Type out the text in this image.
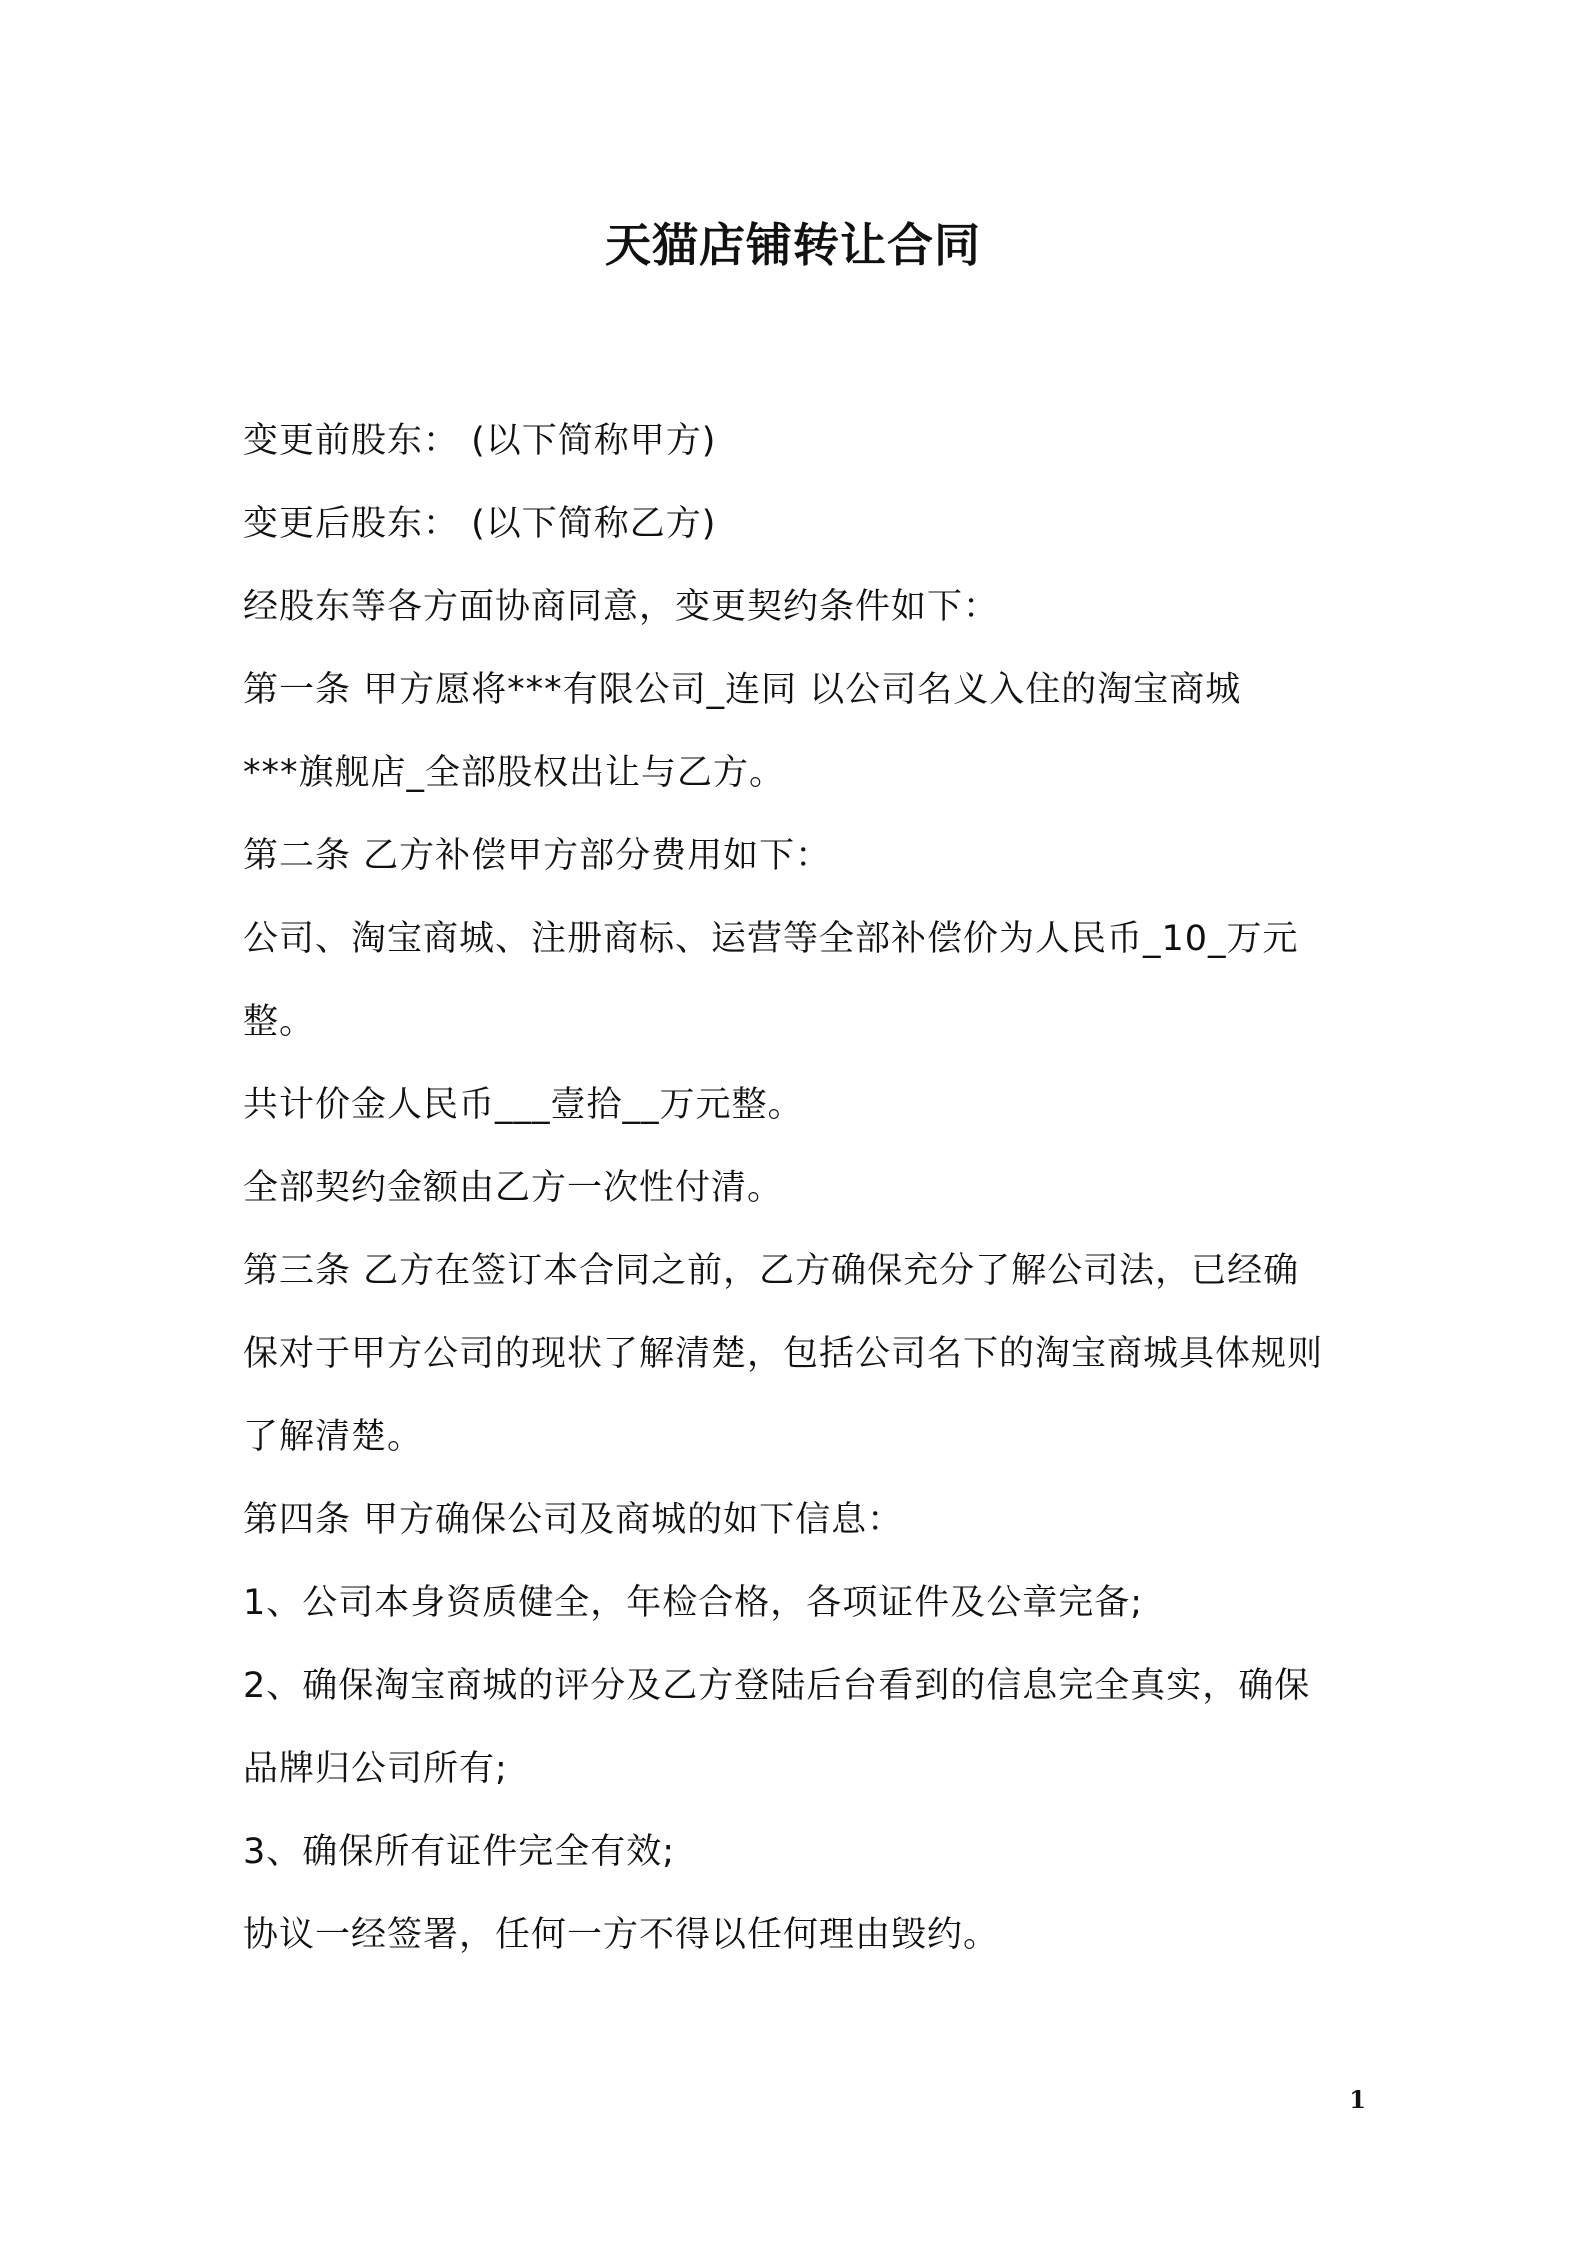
天猫店铺转让合同

变更前股东： (以下简称甲方)

变更后股东： (以下简称乙方)

经股东等各方面协商同意，变更契约条件如下：

第一条 甲方愿将***有限公司_连同 以公司名义入住的淘宝商城

***旗舰店_全部股权出让与乙方。

第二条 乙方补偿甲方部分费用如下：

公司、淘宝商城、注册商标、运营等全部补偿价为人民币_10_万元

整。

共计价金人民币___壹拾__万元整。

全部契约金额由乙方一次性付清。

第三条 乙方在签订本合同之前，乙方确保充分了解公司法，已经确

保对于甲方公司的现状了解清楚，包括公司名下的淘宝商城具体规则

了解清楚。

第四条 甲方确保公司及商城的如下信息：

1、公司本身资质健全，年检合格，各项证件及公章完备;

2、确保淘宝商城的评分及乙方登陆后台看到的信息完全真实，确保

品牌归公司所有;

3、确保所有证件完全有效;

协议一经签署，任何一方不得以任何理由毁约。

1
